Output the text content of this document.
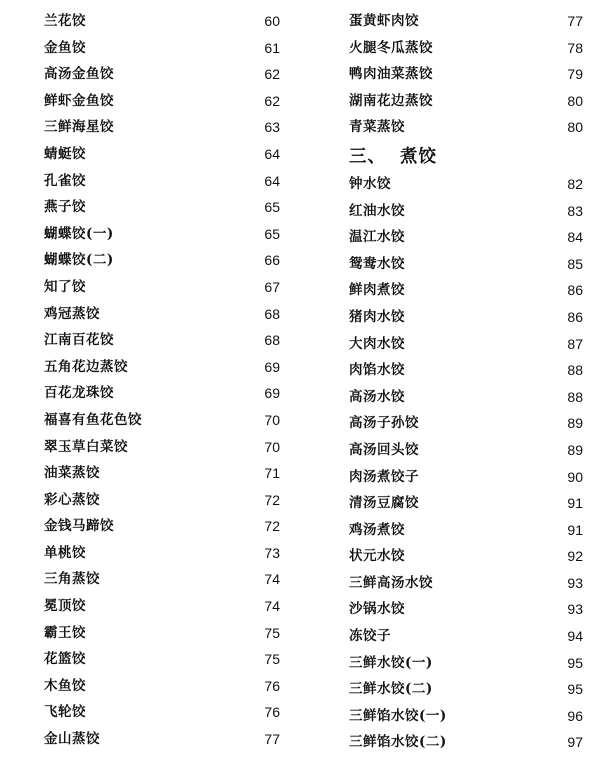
兰花饺	60
金鱼饺	61
高汤金鱼饺	62
鲜虾金鱼饺	62
三鲜海星饺	63
蜻蜓饺	64
孔雀饺	64
燕子饺	65
蝴蝶饺(一)	65
蝴蝶饺(二)	66
知了饺	67
鸡冠蒸饺	68
江南百花饺	68
五角花边蒸饺	69
百花龙珠饺	69
福喜有鱼花色饺	70
翠玉草白菜饺	70
油菜蒸饺	71
彩心蒸饺	72
金钱马蹄饺	72
单桃饺	73
三角蒸饺	74
冕顶饺	74
霸王饺	75
花篮饺	75
木鱼饺	76
飞轮饺	76
金山蒸饺	77
蛋黄虾肉饺	77
火腿冬瓜蒸饺	78
鸭肉油菜蒸饺	79
湖南花边蒸饺	80
青菜蒸饺	80
三、 煮饺
钟水饺	82
红油水饺	83
温江水饺	84
鸳鸯水饺	85
鲜肉煮饺	86
猪肉水饺	86
大肉水饺	87
肉馅水饺	88
高汤水饺	88
高汤子孙饺	89
高汤回头饺	89
肉汤煮饺子	90
清汤豆腐饺	91
鸡汤煮饺	91
状元水饺	92
三鲜高汤水饺	93
沙锅水饺	93
冻饺子	94
三鲜水饺(一)	95
三鲜水饺(二)	95
三鲜馅水饺(一)	96
三鲜馅水饺(二)	97
